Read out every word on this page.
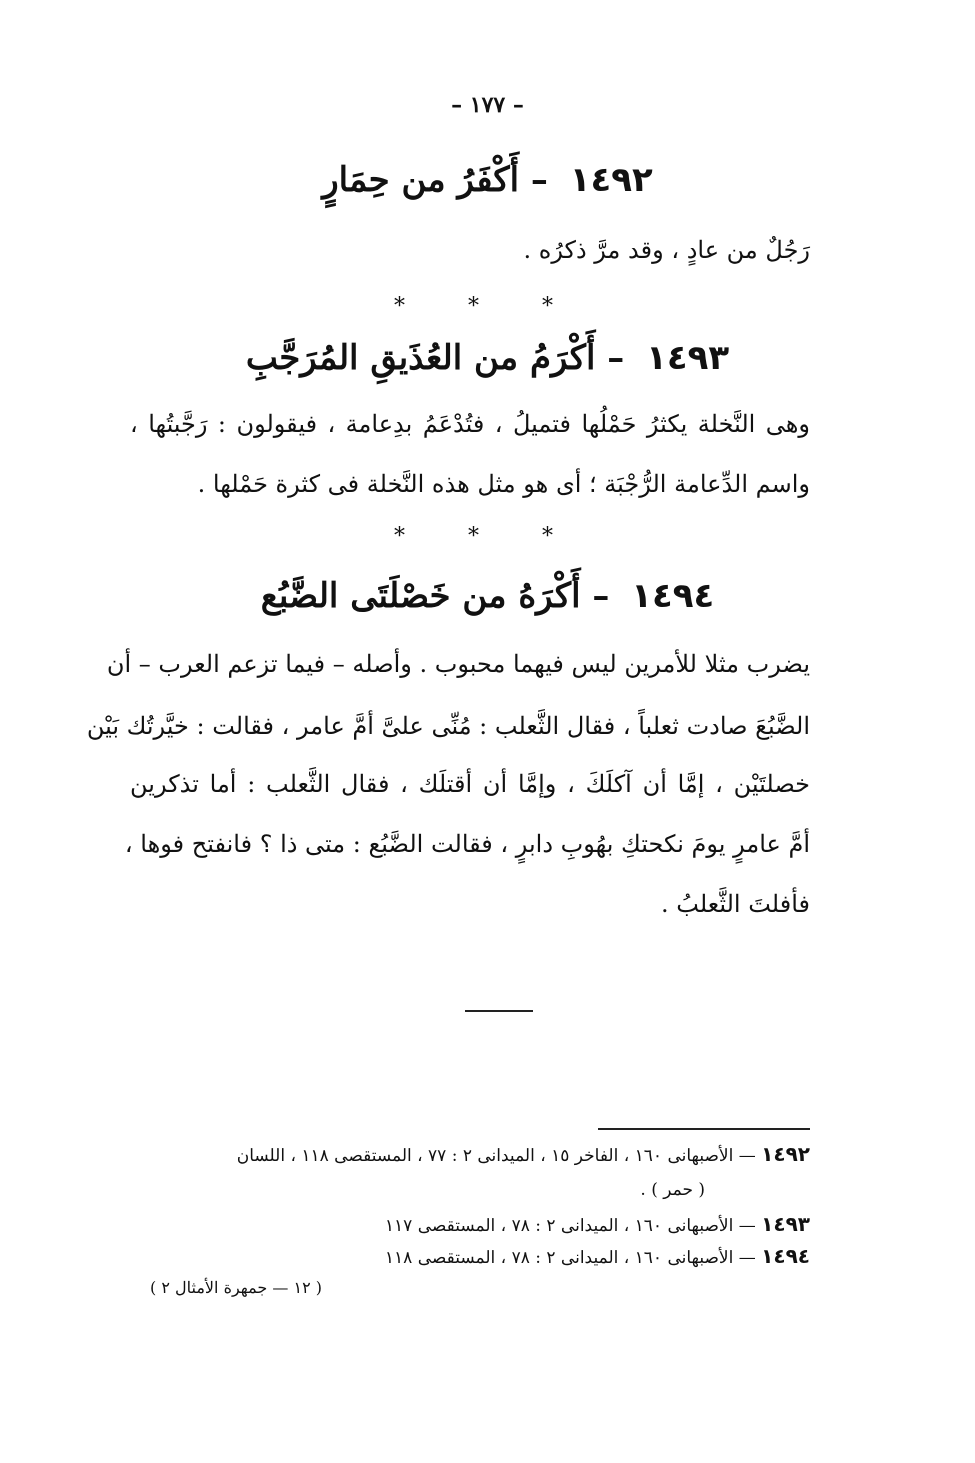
– ١٧٧ –
١٤٩٢ – أَكْفَرُ من حِمَارٍ
رَجُلٌ من عادٍ ، وقد مرَّ ذكرُه .
* * *
١٤٩٣ – أَكْرَمُ من العُذَيقِ المُرَجَّبِ
وهى النَّخلة يكثرُ حَمْلُها فتميلُ ، فتُدْعَمُ بدِعامة ، فيقولون : رَجَّبتُها ،
واسم الدِّعامة الرُّجْبَة ؛ أى هو مثل هذه النَّخلة فى كثرة حَمْلها .
* * *
١٤٩٤ – أَكْرَهُ من خَصْلَتَى الضَّبُع
يضرب مثلا للأمرين ليس فيهما محبوب . وأصله – فيما تزعم العرب – أن
الضَّبُعَ صادت ثعلباً ، فقال الثَّعلب : مُنِّى علىَّ أمَّ عامر ، فقالت : خيَّرتُك بَيْن
خصلتَيْن ، إمَّا أن آكلَكَ ، وإمَّا أن أقتلَك ، فقال الثَّعلب : أما تذكرين
أمَّ عامرٍ يومَ نكحتكِ بهُوبِ دابرٍ ، فقالت الضَّبُع : متى ذا ؟ فانفتح فوها ،
فأفلتَ الثَّعلبُ .
١٤٩٢ — الأصبهانى ١٦٠ ، الفاخر ١٥ ، الميدانى ٢ : ٧٧ ، المستقصى ١١٨ ، اللسان
( حمر ) .
١٤٩٣ — الأصبهانى ١٦٠ ، الميدانى ٢ : ٧٨ ، المستقصى ١١٧
١٤٩٤ — الأصبهانى ١٦٠ ، الميدانى ٢ : ٧٨ ، المستقصى ١١٨
( ١٢ — جمهرة الأمثال ٢ )
